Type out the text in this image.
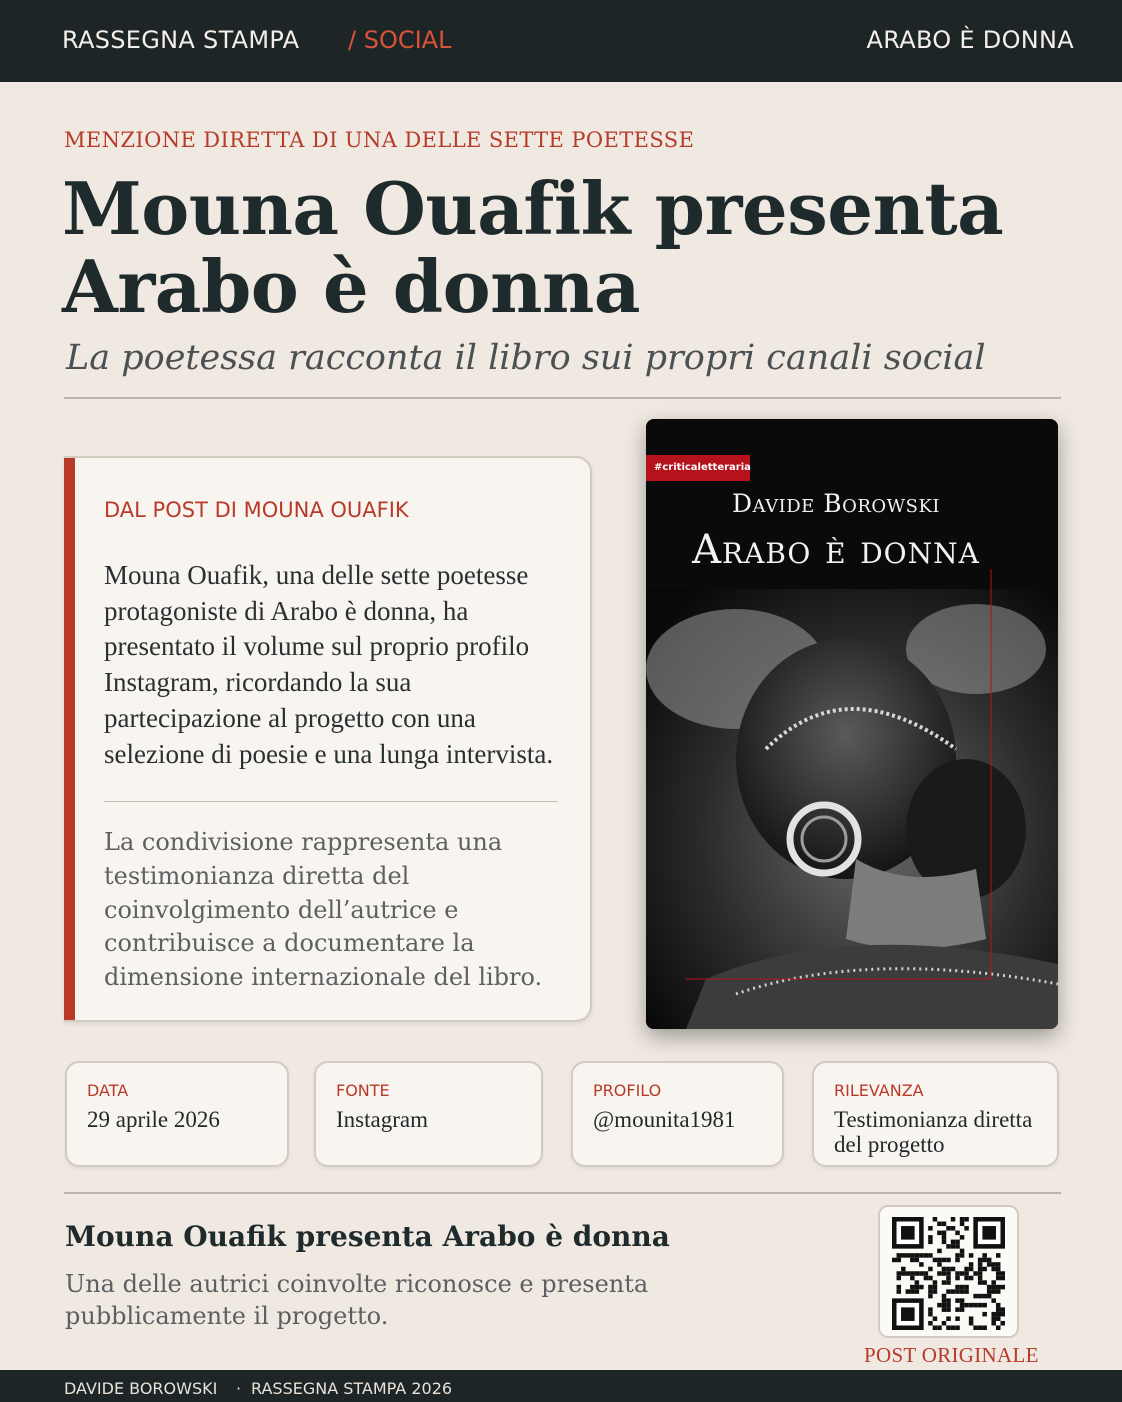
RASSEGNA STAMPA / SOCIAL	ARABO È DONNA
MENZIONE DIRETTA DI UNA DELLE SETTE POETESSE
Mouna Ouafik presenta
Arabo è donna
La poetessa racconta il libro sui propri canali social
DAL POST DI MOUNA OUAFIK
Mouna Ouafik, una delle sette poetesse protagoniste di Arabo è donna, ha presentato il volume sul proprio profilo Instagram, ricordando la sua partecipazione al progetto con una selezione di poesie e una lunga intervista.
La condivisione rappresenta una testimonianza diretta del coinvolgimento dell’autrice e contribuisce a documentare la dimensione internazionale del libro.
#criticaletteraria
Davide Borowski
Arabo è donna
DATA
29 aprile 2026
FONTE
Instagram
PROFILO
@mounita1981
RILEVANZA
Testimonianza diretta del progetto
Mouna Ouafik presenta Arabo è donna
Una delle autrici coinvolte riconosce e presenta pubblicamente il progetto.
POST ORIGINALE
DAVIDE BOROWSKI · RASSEGNA STAMPA 2026
